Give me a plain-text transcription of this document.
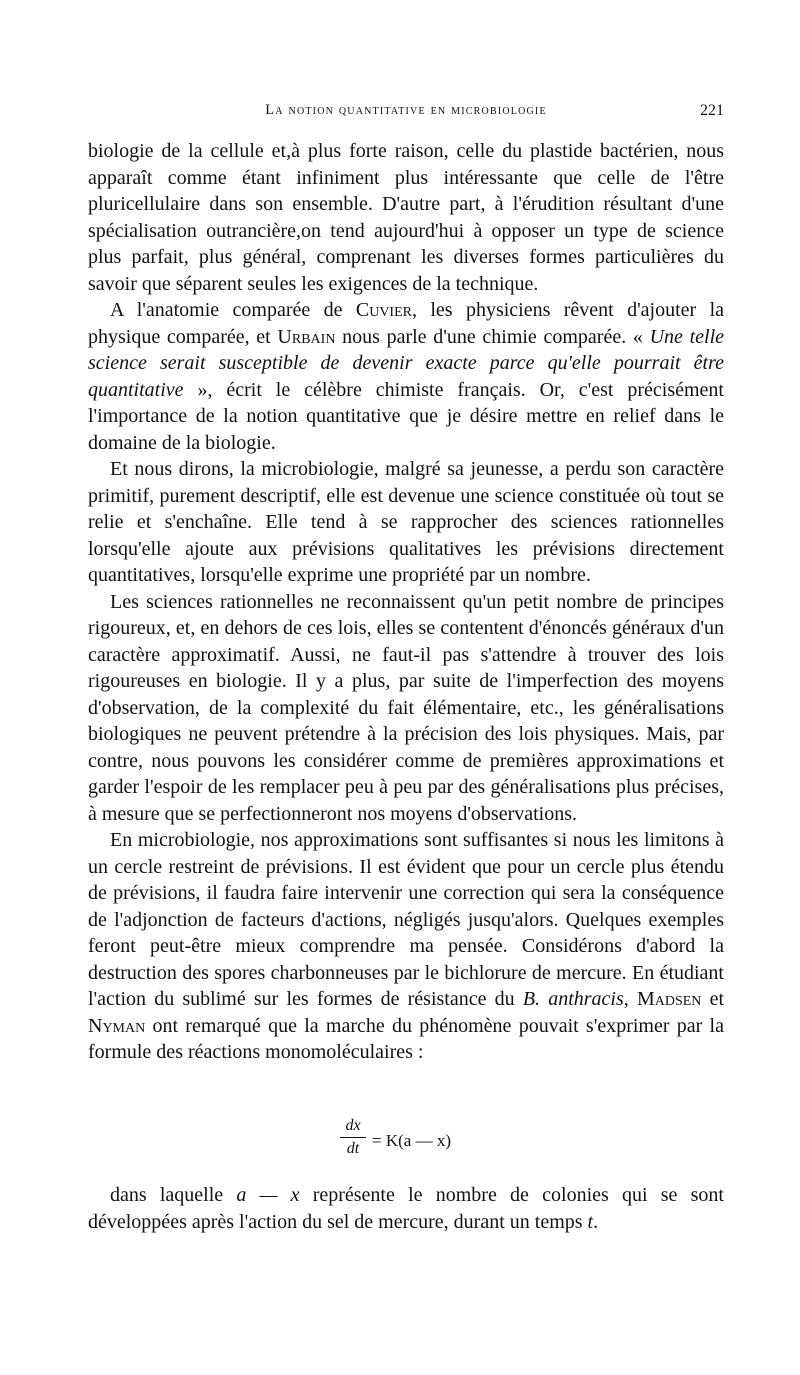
La notion quantitative en microbiologie	221

biologie de la cellule et,à plus forte raison, celle du plastide bactérien, nous apparaît comme étant infiniment plus intéressante que celle de l'être pluricellulaire dans son ensemble. D'autre part, à l'érudition résultant d'une spécialisation outrancière,on tend aujourd'hui à opposer un type de science plus parfait, plus général, comprenant les diverses formes particulières du savoir que séparent seules les exigences de la technique.

A l'anatomie comparée de Cuvier, les physiciens rêvent d'ajouter la physique comparée, et Urbain nous parle d'une chimie comparée. « Une telle science serait susceptible de devenir exacte parce qu'elle pourrait être quantitative », écrit le célèbre chimiste français. Or, c'est précisément l'importance de la notion quantitative que je désire mettre en relief dans le domaine de la biologie.

Et nous dirons, la microbiologie, malgré sa jeunesse, a perdu son caractère primitif, purement descriptif, elle est devenue une science constituée où tout se relie et s'enchaîne. Elle tend à se rapprocher des sciences rationnelles lorsqu'elle ajoute aux prévisions qualitatives les prévisions directement quantitatives, lorsqu'elle exprime une propriété par un nombre.

Les sciences rationnelles ne reconnaissent qu'un petit nombre de principes rigoureux, et, en dehors de ces lois, elles se contentent d'énoncés généraux d'un caractère approximatif. Aussi, ne faut-il pas s'attendre à trouver des lois rigoureuses en biologie. Il y a plus, par suite de l'imperfection des moyens d'observation, de la complexité du fait élémentaire, etc., les généralisations biologiques ne peuvent prétendre à la précision des lois physiques. Mais, par contre, nous pouvons les considérer comme de premières approximations et garder l'espoir de les remplacer peu à peu par des généralisations plus précises, à mesure que se perfectionneront nos moyens d'observations.

En microbiologie, nos approximations sont suffisantes si nous les limitons à un cercle restreint de prévisions. Il est évident que pour un cercle plus étendu de prévisions, il faudra faire intervenir une correction qui sera la conséquence de l'adjonction de facteurs d'actions, négligés jusqu'alors. Quelques exemples feront peut-être mieux comprendre ma pensée. Considérons d'abord la destruction des spores charbonneuses par le bichlorure de mercure. En étudiant l'action du sublimé sur les formes de résistance du B. anthracis, Madsen et Nyman ont remarqué que la marche du phénomène pouvait s'exprimer par la formule des réactions monomoléculaires :

dx
dt = K(a — x)

dans laquelle a — x représente le nombre de colonies qui se sont développées après l'action du sel de mercure, durant un temps t.
